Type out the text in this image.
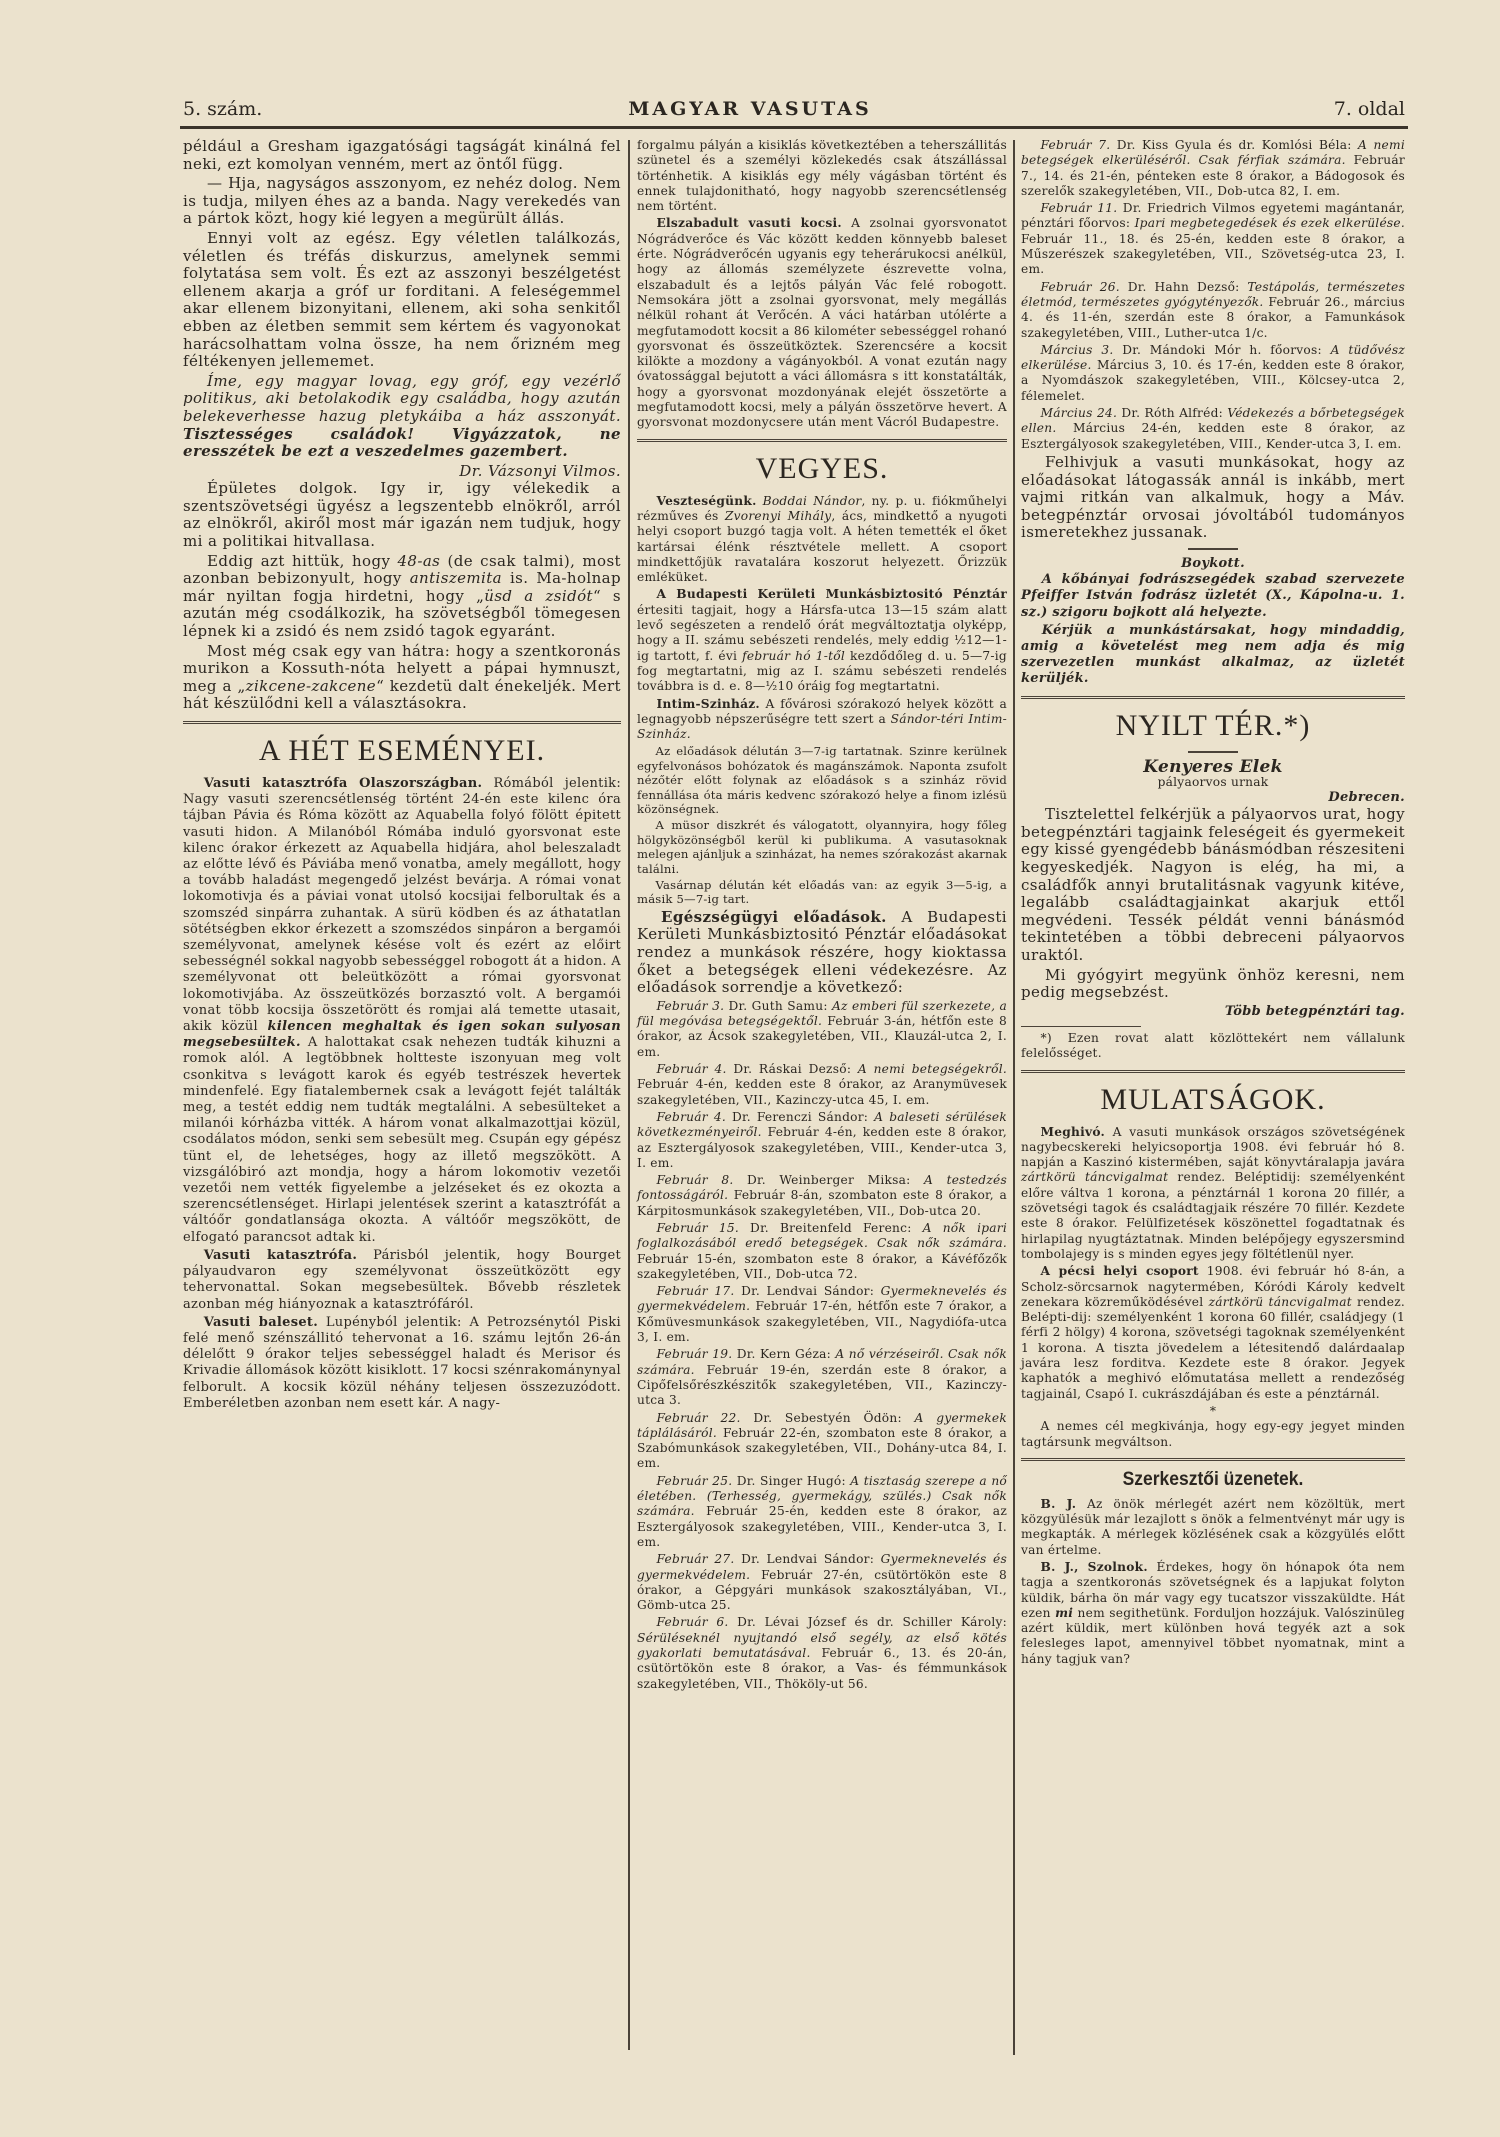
5. szám.	MAGYAR VASUTAS	7. oldal
például a Gresham igazgatósági tagságát kinálná fel neki, ezt komolyan venném, mert az öntől függ.
— Hja, nagyságos asszonyom, ez nehéz dolog. Nem is tudja, milyen éhes az a banda. Nagy verekedés van a pártok közt, hogy kié legyen a megürült állás.
Ennyi volt az egész. Egy véletlen találkozás, véletlen és tréfás diskurzus, amelynek semmi folytatása sem volt. És ezt az asszonyi beszélgetést ellenem akarja a gróf ur forditani. A feleségemmel akar ellenem bizonyitani, ellenem, aki soha senkitől ebben az életben semmit sem kértem és vagyonokat harácsolhattam volna össze, ha nem őrizném meg féltékenyen jellememet.
Íme, egy magyar lovag, egy gróf, egy vezérlő politikus, aki betolakodik egy családba, hogy azután belekeverhesse hazug pletykáiba a ház asszonyát. Tisztességes családok! Vigyázzatok, ne eresszétek be ezt a veszedelmes gazembert.
Dr. Vázsonyi Vilmos.
Épületes dolgok. Igy ir, igy vélekedik a szentszövetségi ügyész a legszentebb elnökről, arról az elnökről, akiről most már igazán nem tudjuk, hogy mi a politikai hitvallasa.
Eddig azt hittük, hogy 48-as (de csak talmi), most azonban bebizonyult, hogy antiszemita is. Ma-holnap már nyiltan fogja hirdetni, hogy „üsd a zsidót“ s azután még csodálkozik, ha szövetségből tömegesen lépnek ki a zsidó és nem zsidó tagok egyaránt.
Most még csak egy van hátra: hogy a szentkoronás murikon a Kossuth-nóta helyett a pápai hymnuszt, meg a „zikcene-zakcene“ kezdetü dalt énekeljék. Mert hát készülődni kell a választásokra.
A HÉT ESEMÉNYEI.
Vasuti katasztrófa Olaszországban. Rómából jelentik: Nagy vasuti szerencsétlenség történt 24-én este kilenc óra tájban Pávia és Róma között az Aquabella folyó fölött épitett vasuti hidon. A Milanóból Rómába induló gyorsvonat este kilenc órakor érkezett az Aquabella hidjára, ahol beleszaladt az előtte lévő és Páviába menő vonatba, amely megállott, hogy a tovább haladást megengedő jelzést bevárja. A római vonat lokomotivja és a páviai vonat utolsó kocsijai felborultak és a szomszéd sinpárra zuhantak. A sürü ködben és az áthatatlan sötétségben ekkor érkezett a szomszédos sinpáron a bergamói személyvonat, amelynek késése volt és ezért az előirt sebességnél sokkal nagyobb sebességgel robogott át a hidon. A személyvonat ott beleütközött a római gyorsvonat lokomotivjába. Az összeütközés borzasztó volt. A bergamói vonat több kocsija összetörött és romjai alá temette utasait, akik közül kilencen meghaltak és igen sokan sulyosan megsebesültek. A halottakat csak nehezen tudták kihuzni a romok alól. A legtöbbnek holtteste iszonyuan meg volt csonkitva s levágott karok és egyéb testrészek hevertek mindenfelé. Egy fiatalembernek csak a levágott fejét találták meg, a testét eddig nem tudták megtalálni. A sebesülteket a milanói kórházba vitték. A három vonat alkalmazottjai közül, csodálatos módon, senki sem sebesült meg. Csupán egy gépész tünt el, de lehetséges, hogy az illető megszökött. A vizsgálóbiró azt mondja, hogy a három lokomotiv vezetői vezetői nem vették figyelembe a jelzéseket és ez okozta a szerencsétlenséget. Hirlapi jelentések szerint a katasztrófát a váltóőr gondatlansága okozta. A váltóőr megszökött, de elfogató parancsot adtak ki.
Vasuti katasztrófa. Párisból jelentik, hogy Bourget pályaudvaron egy személyvonat összeütközött egy tehervonattal. Sokan megsebesültek. Bővebb részletek azonban még hiányoznak a katasztrófáról.
Vasuti baleset. Lupényból jelentik: A Petrozsénytól Piski felé menő szénszállitó tehervonat a 16. számu lejtőn 26-án délelőtt 9 órakor teljes sebességgel haladt és Merisor és Krivadie állomások között kisiklott. 17 kocsi szénrakománynyal felborult. A kocsik közül néhány teljesen összezuzódott. Emberéletben azonban nem esett kár. A nagy-
forgalmu pályán a kisiklás következtében a teherszállitás szünetel és a személyi közlekedés csak átszállással történhetik. A kisiklás egy mély vágásban történt és ennek tulajdonitható, hogy nagyobb szerencsétlenség nem történt.
Elszabadult vasuti kocsi. A zsolnai gyorsvonatot Nógrádverőce és Vác között kedden könnyebb baleset érte. Nógrádverőcén ugyanis egy teherárukocsi anélkül, hogy az állomás személyzete észrevette volna, elszabadult és a lejtős pályán Vác felé robogott. Nemsokára jött a zsolnai gyorsvonat, mely megállás nélkül rohant át Verőcén. A váci határban utólérte a megfutamodott kocsit a 86 kilométer sebességgel rohanó gyorsvonat és összeütköztek. Szerencsére a kocsit kilökte a mozdony a vágányokból. A vonat ezután nagy óvatossággal bejutott a váci állomásra s itt konstatálták, hogy a gyorsvonat mozdonyának elejét összetörte a megfutamodott kocsi, mely a pályán összetörve hevert. A gyorsvonat mozdonycsere után ment Vácról Budapestre.
VEGYES.
Veszteségünk. Boddai Nándor, ny. p. u. fiókműhelyi rézműves és Zvorenyi Mihály, ács, mindkettő a nyugoti helyi csoport buzgó tagja volt. A héten temették el őket kartársai élénk résztvétele mellett. A csoport mindkettőjük ravatalára koszorut helyezett. Őrizzük emléküket.
A Budapesti Kerületi Munkásbiztositó Pénztár értesiti tagjait, hogy a Hársfa-utca 13—15 szám alatt levő segészeten a rendelő órát megváltoztatja olyképp, hogy a II. számu sebészeti rendelés, mely eddig ½12—1-ig tartott, f. évi február hó 1-től kezdődőleg d. u. 5—7-ig fog megtartatni, mig az I. számu sebészeti rendelés továbbra is d. e. 8—½10 óráig fog megtartatni.
Intim-Szinház. A fővárosi szórakozó helyek között a legnagyobb népszerűségre tett szert a Sándor-téri Intim-Szinház.
Az előadások délután 3—7-ig tartatnak. Szinre kerülnek egyfelvonásos bohózatok és magánszámok. Naponta zsufolt nézőtér előtt folynak az előadások s a szinház rövid fennállása óta máris kedvenc szórakozó helye a finom izlésü közönségnek.
A müsor diszkrét és válogatott, olyannyira, hogy főleg hölgyközönségből kerül ki publikuma. A vasutasoknak melegen ajánljuk a szinházat, ha nemes szórakozást akarnak találni.
Vasárnap délután két előadás van: az egyik 3—5-ig, a másik 5—7-ig tart.
Egészségügyi előadások. A Budapesti Kerületi Munkásbiztositó Pénztár előadásokat rendez a munkások részére, hogy kioktassa őket a betegségek elleni védekezésre. Az előadások sorrendje a következő:
Február 3. Dr. Guth Samu: Az emberi fül szerkezete, a fül megóvása betegségektől. Február 3-án, hétfőn este 8 órakor, az Ácsok szakegyletében, VII., Klauzál-utca 2, I. em.
Február 4. Dr. Ráskai Dezső: A nemi betegségekről. Február 4-én, kedden este 8 órakor, az Aranymüvesek szakegyletében, VII., Kazinczy-utca 45, I. em.
Február 4. Dr. Ferenczi Sándor: A baleseti sérülések következményeiről. Február 4-én, kedden este 8 órakor, az Esztergályosok szakegyletében, VIII., Kender-utca 3, I. em.
Február 8. Dr. Weinberger Miksa: A testedzés fontosságáról. Február 8-án, szombaton este 8 órakor, a Kárpitosmunkások szakegyletében, VII., Dob-utca 20.
Február 15. Dr. Breitenfeld Ferenc: A nők ipari foglalkozásából eredő betegségek. Csak nők számára. Február 15-én, szombaton este 8 órakor, a Kávéfőzők szakegyletében, VII., Dob-utca 72.
Február 17. Dr. Lendvai Sándor: Gyermeknevelés és gyermekvédelem. Február 17-én, hétfőn este 7 órakor, a Kőmüvesmunkások szakegyletében, VII., Nagydiófa-utca 3, I. em.
Február 19. Dr. Kern Géza: A nő vérzéseiről. Csak nők számára. Február 19-én, szerdán este 8 órakor, a Cipőfelsőrészkészitők szakegyletében, VII., Kazinczy-utca 3.
Február 22. Dr. Sebestyén Ödön: A gyermekek táplálásáról. Február 22-én, szombaton este 8 órakor, a Szabómunkások szakegyletében, VII., Dohány-utca 84, I. em.
Február 25. Dr. Singer Hugó: A tisztaság szerepe a nő életében. (Terhesség, gyermekágy, szülés.) Csak nők számára. Február 25-én, kedden este 8 órakor, az Esztergályosok szakegyletében, VIII., Kender-utca 3, I. em.
Február 27. Dr. Lendvai Sándor: Gyermeknevelés és gyermekvédelem. Február 27-én, csütörtökön este 8 órakor, a Gépgyári munkások szakosztályában, VI., Gömb-utca 25.
Február 6. Dr. Lévai József és dr. Schiller Károly: Sérüléseknél nyujtandó első segély, az első kötés gyakorlati bemutatásával. Február 6., 13. és 20-án, csütörtökön este 8 órakor, a Vas- és fémmunkások szakegyletében, VII., Thököly-ut 56.
Február 7. Dr. Kiss Gyula és dr. Komlósi Béla: A nemi betegségek elkerüléséről. Csak férfiak számára. Február 7., 14. és 21-én, pénteken este 8 órakor, a Bádogosok és szerelők szakegyletében, VII., Dob-utca 82, I. em.
Február 11. Dr. Friedrich Vilmos egyetemi magántanár, pénztári főorvos: Ipari megbetegedések és ezek elkerülése. Február 11., 18. és 25-én, kedden este 8 órakor, a Műszerészek szakegyletében, VII., Szövetség-utca 23, I. em.
Február 26. Dr. Hahn Dezső: Testápolás, természetes életmód, természetes gyógytényezők. Február 26., március 4. és 11-én, szerdán este 8 órakor, a Famunkások szakegyletében, VIII., Luther-utca 1/c.
Március 3. Dr. Mándoki Mór h. főorvos: A tüdővész elkerülése. Március 3, 10. és 17-én, kedden este 8 órakor, a Nyomdászok szakegyletében, VIII., Kölcsey-utca 2, félemelet.
Március 24. Dr. Róth Alfréd: Védekezés a bőrbetegségek ellen. Március 24-én, kedden este 8 órakor, az Esztergályosok szakegyletében, VIII., Kender-utca 3, I. em.
Felhivjuk a vasuti munkásokat, hogy az előadásokat látogassák annál is inkább, mert vajmi ritkán van alkalmuk, hogy a Máv. betegpénztár orvosai jóvoltából tudományos ismeretekhez jussanak.
Boykott.
A kőbányai fodrászsegédek szabad szervezete Pfeiffer István fodrász üzletét (X., Kápolna-u. 1. sz.) szigoru bojkott alá helyezte.
Kérjük a munkástársakat, hogy mindaddig, amig a követelést meg nem adja és mig szervezetlen munkást alkalmaz, az üzletét kerüljék.
NYILT TÉR.*)
Kenyeres Elek
pályaorvos urnak
Debrecen.
Tisztelettel felkérjük a pályaorvos urat, hogy betegpénztári tagjaink feleségeit és gyermekeit egy kissé gyengédebb bánásmódban részesiteni kegyeskedjék. Nagyon is elég, ha mi, a családfők annyi brutalitásnak vagyunk kitéve, legalább családtagjainkat akarjuk ettől megvédeni. Tessék példát venni bánásmód tekintetében a többi debreceni pályaorvos uraktól.
Mi gyógyirt megyünk önhöz keresni, nem pedig megsebzést.
Több betegpénztári tag.
*) Ezen rovat alatt közlöttekért nem vállalunk felelősséget.
MULATSÁGOK.
Meghivó. A vasuti munkások országos szövetségének nagybecskereki helyicsoportja 1908. évi február hó 8. napján a Kaszinó kistermében, saját könyvtáralapja javára zártkörü táncvigalmat rendez. Beléptidij: személyenként előre váltva 1 korona, a pénztárnál 1 korona 20 fillér, a szövetségi tagok és családtagjaik részére 70 fillér. Kezdete este 8 órakor. Felülfizetések köszönettel fogadtatnak és hirlapilag nyugtáztatnak. Minden belépőjegy egyszersmind tombolajegy is s minden egyes jegy föltétlenül nyer.
A pécsi helyi csoport 1908. évi február hó 8-án, a Scholz-sörcsarnok nagytermében, Kóródi Károly kedvelt zenekara közreműködésével zártkörü táncvigalmat rendez. Belépti-dij: személyenként 1 korona 60 fillér, családjegy (1 férfi 2 hölgy) 4 korona, szövetségi tagoknak személyenként 1 korona. A tiszta jövedelem a létesitendő dalárdaalap javára lesz forditva. Kezdete este 8 órakor. Jegyek kaphatók a meghivó előmutatása mellett a rendezőség tagjainál, Csapó I. cukrászdájában és este a pénztárnál.
*
A nemes cél megkivánja, hogy egy-egy jegyet minden tagtársunk megváltson.
Szerkesztői üzenetek.
B. J. Az önök mérlegét azért nem közöltük, mert közgyülésük már lezajlott s önök a felmentvényt már ugy is megkapták. A mérlegek közlésének csak a közgyülés előtt van értelme.
B. J., Szolnok. Érdekes, hogy ön hónapok óta nem tagja a szentkoronás szövetségnek és a lapjukat folyton küldik, bárha ön már vagy egy tucatszor visszaküldte. Hát ezen mi nem segithetünk. Forduljon hozzájuk. Valószinüleg azért küldik, mert különben hová tegyék azt a sok felesleges lapot, amennyivel többet nyomatnak, mint a hány tagjuk van?
